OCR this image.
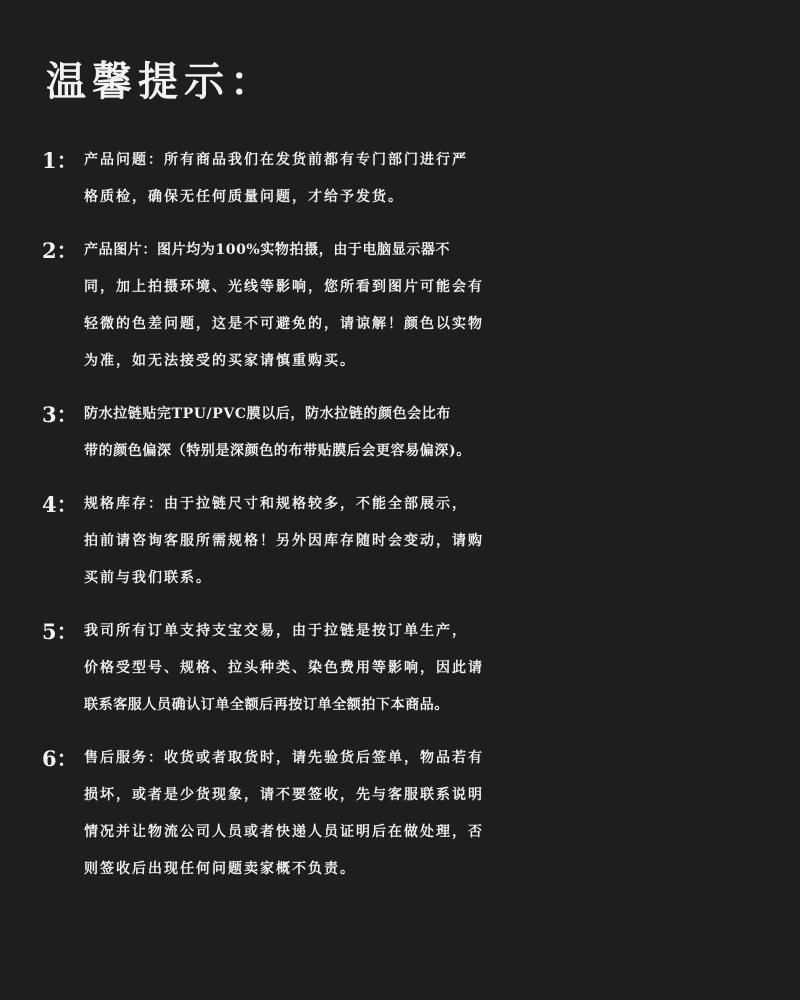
温馨提示：
1： 产品问题：所有商品我们在发货前都有专门部门进行严
格质检，确保无任何质量问题，才给予发货。
2： 产品图片：图片均为100%实物拍摄，由于电脑显示器不
同，加上拍摄环境、光线等影响，您所看到图片可能会有
轻微的色差问题，这是不可避免的，请谅解！颜色以实物
为准，如无法接受的买家请慎重购买。
3： 防水拉链贴完TPU/PVC膜以后，防水拉链的颜色会比布
带的颜色偏深（特别是深颜色的布带贴膜后会更容易偏深)。
4： 规格库存：由于拉链尺寸和规格较多，不能全部展示，
拍前请咨询客服所需规格！另外因库存随时会变动，请购
买前与我们联系。
5： 我司所有订单支持支宝交易，由于拉链是按订单生产，
价格受型号、规格、拉头种类、染色费用等影响，因此请
联系客服人员确认订单全额后再按订单全额拍下本商品。
6： 售后服务：收货或者取货时，请先验货后签单，物品若有
损坏，或者是少货现象，请不要签收，先与客服联系说明
情况并让物流公司人员或者快递人员证明后在做处理，否
则签收后出现任何问题卖家概不负责。
